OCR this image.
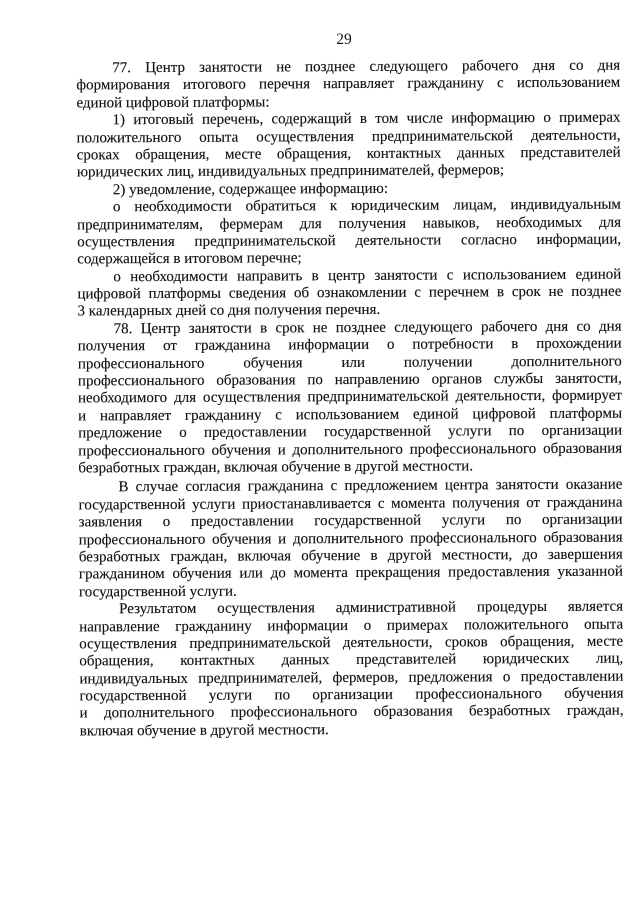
29
77. Центр занятости не позднее следующего рабочего дня со дня
формирования итогового перечня направляет гражданину с использованием
единой цифровой платформы:
1) итоговый перечень, содержащий в том числе информацию о примерах
положительного опыта осуществления предпринимательской деятельности,
сроках обращения, месте обращения, контактных данных представителей
юридических лиц, индивидуальных предпринимателей, фермеров;
2) уведомление, содержащее информацию:
о необходимости обратиться к юридическим лицам, индивидуальным
предпринимателям, фермерам для получения навыков, необходимых для
осуществления предпринимательской деятельности согласно информации,
содержащейся в итоговом перечне;
о необходимости направить в центр занятости с использованием единой
цифровой платформы сведения об ознакомлении с перечнем в срок не позднее
3 календарных дней со дня получения перечня.
78. Центр занятости в срок не позднее следующего рабочего дня со дня
получения от гражданина информации о потребности в прохождении
профессионального обучения или получении дополнительного
профессионального образования по направлению органов службы занятости,
необходимого для осуществления предпринимательской деятельности, формирует
и направляет гражданину с использованием единой цифровой платформы
предложение о предоставлении государственной услуги по организации
профессионального обучения и дополнительного профессионального образования
безработных граждан, включая обучение в другой местности.
В случае согласия гражданина с предложением центра занятости оказание
государственной услуги приостанавливается с момента получения от гражданина
заявления о предоставлении государственной услуги по организации
профессионального обучения и дополнительного профессионального образования
безработных граждан, включая обучение в другой местности, до завершения
гражданином обучения или до момента прекращения предоставления указанной
государственной услуги.
Результатом осуществления административной процедуры является
направление гражданину информации о примерах положительного опыта
осуществления предпринимательской деятельности, сроков обращения, месте
обращения, контактных данных представителей юридических лиц,
индивидуальных предпринимателей, фермеров, предложения о предоставлении
государственной услуги по организации профессионального обучения
и дополнительного профессионального образования безработных граждан,
включая обучение в другой местности.
